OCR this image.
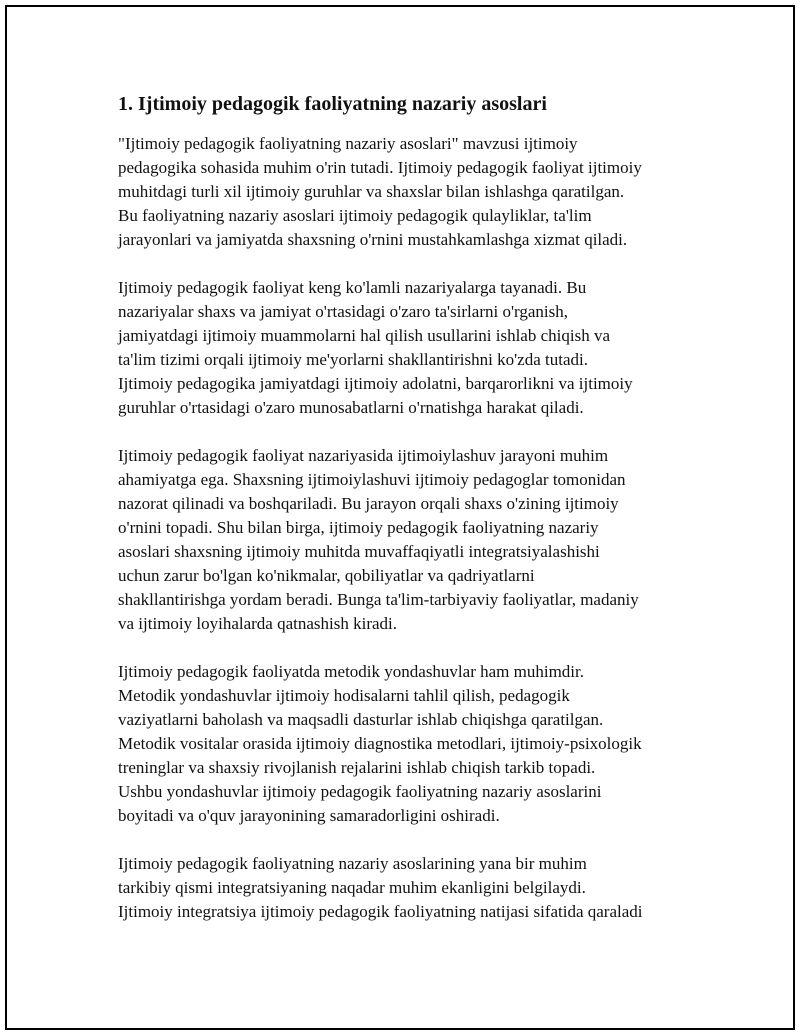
1. Ijtimoiy pedagogik faoliyatning nazariy asoslari
"Ijtimoiy pedagogik faoliyatning nazariy asoslari" mavzusi ijtimoiy
pedagogika sohasida muhim o'rin tutadi. Ijtimoiy pedagogik faoliyat ijtimoiy
muhitdagi turli xil ijtimoiy guruhlar va shaxslar bilan ishlashga qaratilgan.
Bu faoliyatning nazariy asoslari ijtimoiy pedagogik qulayliklar, ta'lim
jarayonlari va jamiyatda shaxsning o'rnini mustahkamlashga xizmat qiladi.
Ijtimoiy pedagogik faoliyat keng ko'lamli nazariyalarga tayanadi. Bu
nazariyalar shaxs va jamiyat o'rtasidagi o'zaro ta'sirlarni o'rganish,
jamiyatdagi ijtimoiy muammolarni hal qilish usullarini ishlab chiqish va
ta'lim tizimi orqali ijtimoiy me'yorlarni shakllantirishni ko'zda tutadi.
Ijtimoiy pedagogika jamiyatdagi ijtimoiy adolatni, barqarorlikni va ijtimoiy
guruhlar o'rtasidagi o'zaro munosabatlarni o'rnatishga harakat qiladi.
Ijtimoiy pedagogik faoliyat nazariyasida ijtimoiylashuv jarayoni muhim
ahamiyatga ega. Shaxsning ijtimoiylashuvi ijtimoiy pedagoglar tomonidan
nazorat qilinadi va boshqariladi. Bu jarayon orqali shaxs o'zining ijtimoiy
o'rnini topadi. Shu bilan birga, ijtimoiy pedagogik faoliyatning nazariy
asoslari shaxsning ijtimoiy muhitda muvaffaqiyatli integratsiyalashishi
uchun zarur bo'lgan ko'nikmalar, qobiliyatlar va qadriyatlarni
shakllantirishga yordam beradi. Bunga ta'lim-tarbiyaviy faoliyatlar, madaniy
va ijtimoiy loyihalarda qatnashish kiradi.
Ijtimoiy pedagogik faoliyatda metodik yondashuvlar ham muhimdir.
Metodik yondashuvlar ijtimoiy hodisalarni tahlil qilish, pedagogik
vaziyatlarni baholash va maqsadli dasturlar ishlab chiqishga qaratilgan.
Metodik vositalar orasida ijtimoiy diagnostika metodlari, ijtimoiy-psixologik
treninglar va shaxsiy rivojlanish rejalarini ishlab chiqish tarkib topadi.
Ushbu yondashuvlar ijtimoiy pedagogik faoliyatning nazariy asoslarini
boyitadi va o'quv jarayonining samaradorligini oshiradi.
Ijtimoiy pedagogik faoliyatning nazariy asoslarining yana bir muhim
tarkibiy qismi integratsiyaning naqadar muhim ekanligini belgilaydi.
Ijtimoiy integratsiya ijtimoiy pedagogik faoliyatning natijasi sifatida qaraladi
